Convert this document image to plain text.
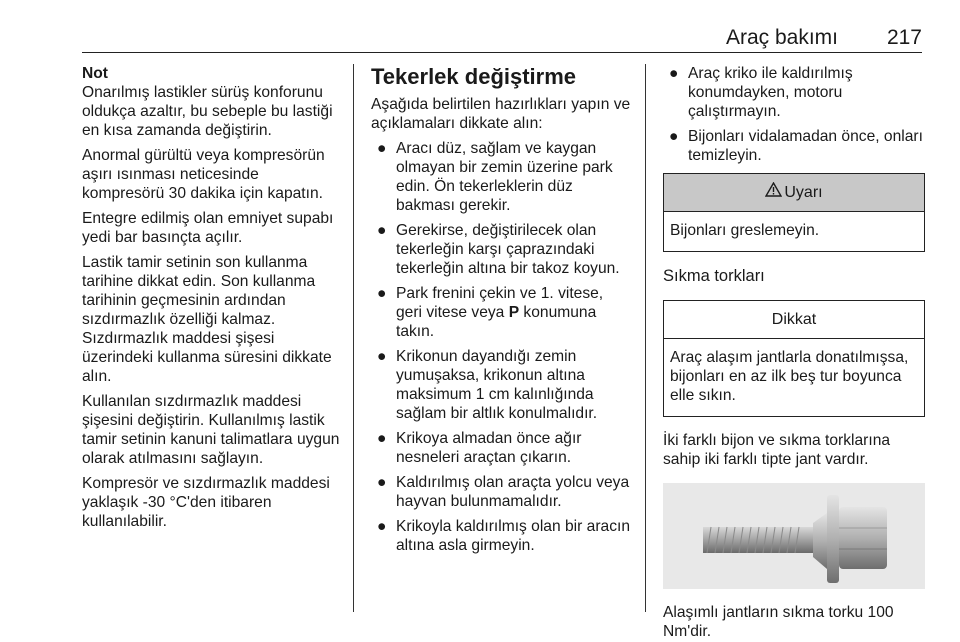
Araç bakımı 217
Not

Onarılmış lastikler sürüş konforunu oldukça azaltır, bu sebeple bu lastiği en kısa zamanda değiştirin.

Anormal gürültü veya kompresörün aşırı ısınması neticesinde kompresörü 30 dakika için kapatın.

Entegre edilmiş olan emniyet supabı yedi bar basınçta açılır.

Lastik tamir setinin son kullanma tarihine dikkat edin. Son kullanma tarihinin geçmesinin ardından sızdırmazlık özelliği kalmaz. Sızdırmazlık maddesi şişesi üzerindeki kullanma süresini dikkate alın.

Kullanılan sızdırmazlık maddesi şişesini değiştirin. Kullanılmış lastik tamir setinin kanuni talimatlara uygun olarak atılmasını sağlayın.

Kompresör ve sızdırmazlık maddesi yaklaşık -30 °C'den itibaren kullanılabilir.

Tekerlek değiştirme

Aşağıda belirtilen hazırlıkları yapın ve açıklamaları dikkate alın:

● Aracı düz, sağlam ve kaygan olmayan bir zemin üzerine park edin. Ön tekerleklerin düz bakması gerekir.
● Gerekirse, değiştirilecek olan tekerleğin karşı çaprazındaki tekerleğin altına bir takoz koyun.
● Park frenini çekin ve 1. vitese, geri vitese veya P konumuna takın.
● Krikonun dayandığı zemin yumuşaksa, krikonun altına maksimum 1 cm kalınlığında sağlam bir altlık konulmalıdır.
● Krikoya almadan önce ağır nesneleri araçtan çıkarın.
● Kaldırılmış olan araçta yolcu veya hayvan bulunmamalıdır.
● Krikoyla kaldırılmış olan bir aracın altına asla girmeyin.
● Araç kriko ile kaldırılmış konumdayken, motoru çalıştırmayın.
● Bijonları vidalamadan önce, onları temizleyin.
Uyarı
Bijonları greslemeyin.
Sıkma torkları
Dikkat
Araç alaşım jantlarla donatılmışsa, bijonları en az ilk beş tur boyunca elle sıkın.

İki farklı bijon ve sıkma torklarına sahip iki farklı tipte jant vardır.

Alaşımlı jantların sıkma torku 100 Nm'dir.
